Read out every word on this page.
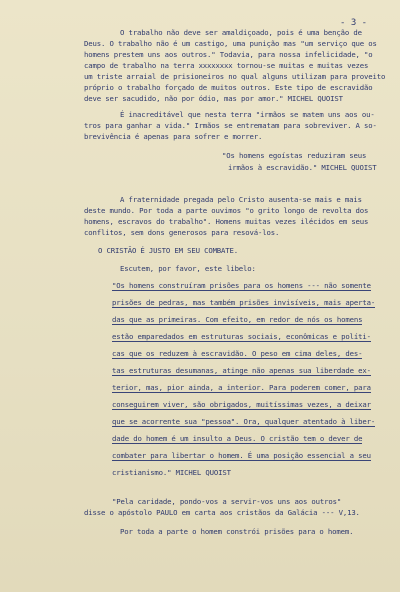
- 3 -
O trabalho não deve ser amaldiçoado, pois é uma benção de
Deus. O trabalho não é um castigo, uma punição mas "um serviço que os
homens prestem uns aos outros." Todavia, para nossa infelicidade, "o
campo de trabalho na terra xxxxxxxx tornou-se muitas e muitas vezes
um triste arraial de prisioneiros no qual alguns utilizam para proveito
próprio o trabalho forçado de muitos outros. Este tipo de escravidão
deve ser sacudido, não por ódio, mas por amor." MICHEL QUOIST
É inacreditável que nesta terra "irmãos se matem uns aos ou-
tros para ganhar a vida." Irmãos se entrematam para sobreviver. A so-
brevivência é apenas para sofrer e morrer.
"Os homens egoístas reduziram seus
irmãos à escravidão." MICHEL QUOIST
A fraternidade pregada pelo Cristo ausenta-se mais e mais
deste mundo. Por toda a parte ouvimos "o grito longo de revolta dos
homens, escravos do trabalho". Homens muitas vezes ilécidos em seus
conflitos, sem dons generosos para resová-los.
O CRISTÃO É JUSTO EM SEU COMBATE.
Escutem, por favor, este libelo:
"Os homens construíram prisões para os homens --- não somente
prisões de pedras, mas também prisões invisíveis, mais aperta-
das que as primeiras. Com efeito, em redor de nós os homens
estão emparedados em estruturas sociais, econômicas e políti-
cas que os reduzem à escravidão. O peso em cima deles, des-
tas estruturas desumanas, atinge não apenas sua liberdade ex-
terior, mas, pior ainda, a interior. Para poderem comer, para
conseguirem viver, são obrigados, muitíssimas vezes, a deixar
que se acorrente sua "pessoa". Ora, qualquer atentado à liber-
dade do homem é um insulto a Deus. O cristão tem o dever de
combater para libertar o homem. É uma posição essencial a seu
cristianismo." MICHEL QUOIST
"Pela caridade, pondo-vos a servir-vos uns aos outros"
disse o apóstolo PAULO em carta aos cristãos da Galácia --- V,13.
Por toda a parte o homem constrói prisões para o homem.
